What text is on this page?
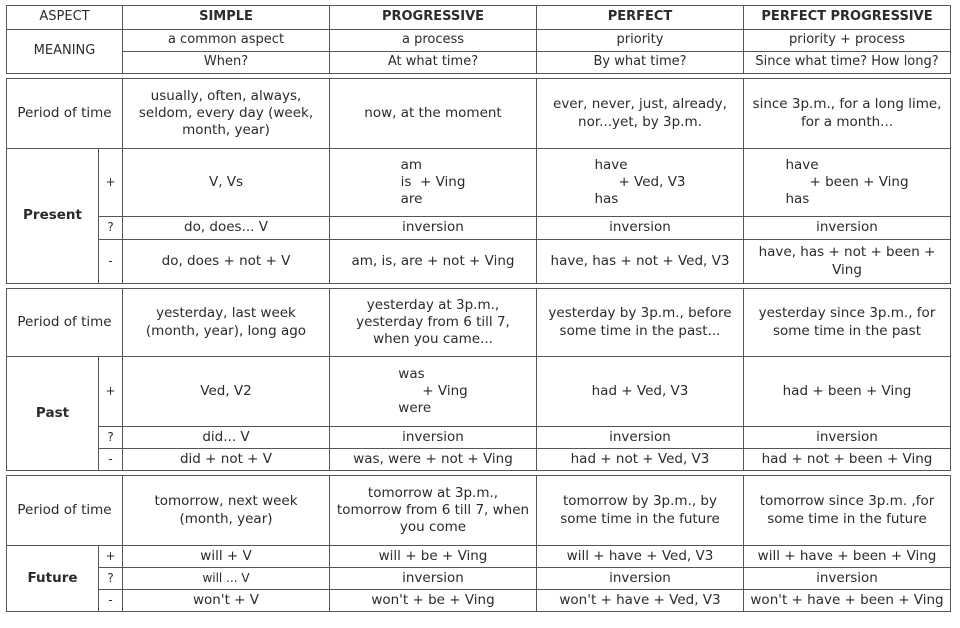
ASPECT		SIMPLE	PROGRESSIVE	PERFECT	PERFECT PROGRESSIVE
MEANING		a common aspect	a process	priority	priority + process
		When?	At what time?	By what time?	Since what time? How long?

Period of time		usually, often, always, seldom, every day (week, month, year)	now, at the moment	ever, never, just, already, nor...yet, by 3p.m.	since 3p.m., for a long lime, for a month...
Present	+	V, Vs	am
is + Ving
are	have
+ Ved, V3
has	have
+ been + Ving
has

	?	do, does... V	inversion	inversion	inversion
	-	do, does + not + V	am, is, are + not + Ving	have, has + not + Ved, V3	have, has + not + been + Ving

Period of time		yesterday, last week (month, year), long ago	yesterday at 3p.m., yesterday from 6 till 7, when you came...	yesterday by 3p.m., before some time in the past...	yesterday since 3p.m., for some time in the past
Past	+	Ved, V2	was
+ Ving
were	had + Ved, V3	had + been + Ving
	?	did... V	inversion	inversion	inversion
	-	did + not + V	was, were + not + Ving	had + not + Ved, V3	had + not + been + Ving

Period of time		tomorrow, next week (month, year)	tomorrow at 3p.m., tomorrow from 6 till 7, when you come	tomorrow by 3p.m., by some time in the future	tomorrow since 3p.m. ,for some time in the future
Future	+	will + V	will + be + Ving	will + have + Ved, V3	will + have + been + Ving
	?	will ... V	inversion	inversion	inversion
	-	won't + V	won't + be + Ving	won't + have + Ved, V3	won't + have + been + Ving
